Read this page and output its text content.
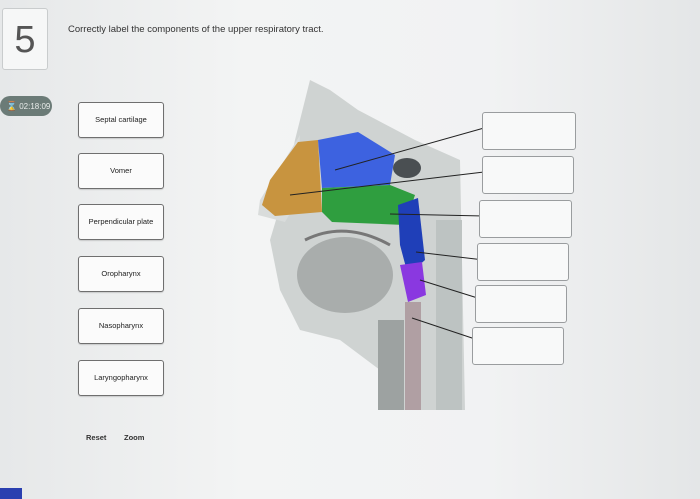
5
⌛ 02:18:09
Correctly label the components of the upper respiratory tract.
Septal cartilage
Vomer
Perpendicular plate
Oropharynx
Nasopharynx
Laryngopharynx
Reset Zoom
